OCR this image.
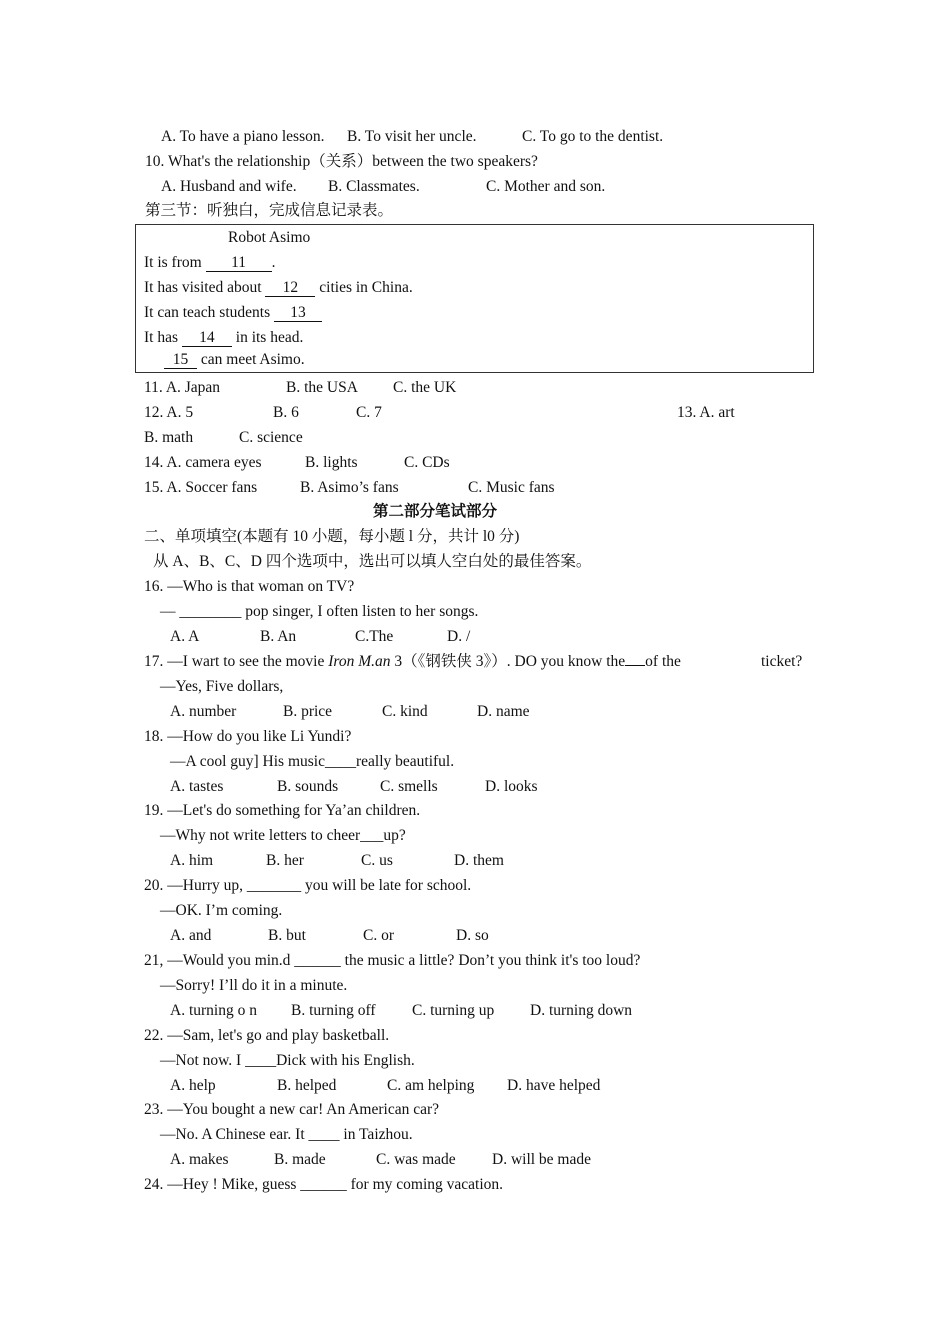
A. To have a piano lesson. B. To visit her uncle.	C. To go to the dentist.
10. What's the relationship（关系）between the two speakers?
A. Husband and wife. B. Classmates.	C. Mother and son.
第三节：听独白，完成信息记录表。
Robot Asimo
It is from 11 .
It has visited about 12 cities in China.
It can teach students 13
It has 14 in its head.
15 can meet Asimo.
11. A. Japan	B. the USA C. the UK
12. A. 5	B. 6	C. 7	13. A. art
B. math	C. science
14. A. camera eyes	B. lights	C. CDs
15. A. Soccer fans	B. Asimo’s fans	C. Music fans
第二部分笔试部分
二、单项填空(本题有 10 小题，每小题 l 分，共计 l0 分)
从 A、B、C、D 四个选项中，选出可以填人空白处的最佳答案。
16. —Who is that woman on TV?
— ________ pop singer, I often listen to her songs.
A. A	B. An	C.The	D. /
17. —I wart to see the movie Iron M.an 3（《钢铁侠 3》）. DO you know the of the	ticket?
—Yes, Five dollars,
A. number	B. price	C. kind	D. name
18. —How do you like Li Yundi?
—A cool guy] His music____really beautiful.
A. tastes	B. sounds	C. smells	D. looks
19. —Let's do something for Ya’an children.
—Why not write letters to cheer___up?
A. him	B. her	C. us	D. them
20. —Hurry up, _______ you will be late for school.
—OK. I’m coming.
A. and	B. but	C. or	D. so
21, —Would you min.d ______ the music a little? Don’t you think it's too loud?
—Sorry! I’ll do it in a minute.
A. turning o n B. turning off C. turning up D. turning down
22. —Sam, let's go and play basketball.
—Not now. I ____Dick with his English.
A. help	B. helped	C. am helping D. have helped
23. —You bought a new car! An American car?
—No. A Chinese ear. It ____ in Taizhou.
A. makes	B. made	C. was made D. will be made
24. —Hey ! Mike, guess ______ for my coming vacation.
